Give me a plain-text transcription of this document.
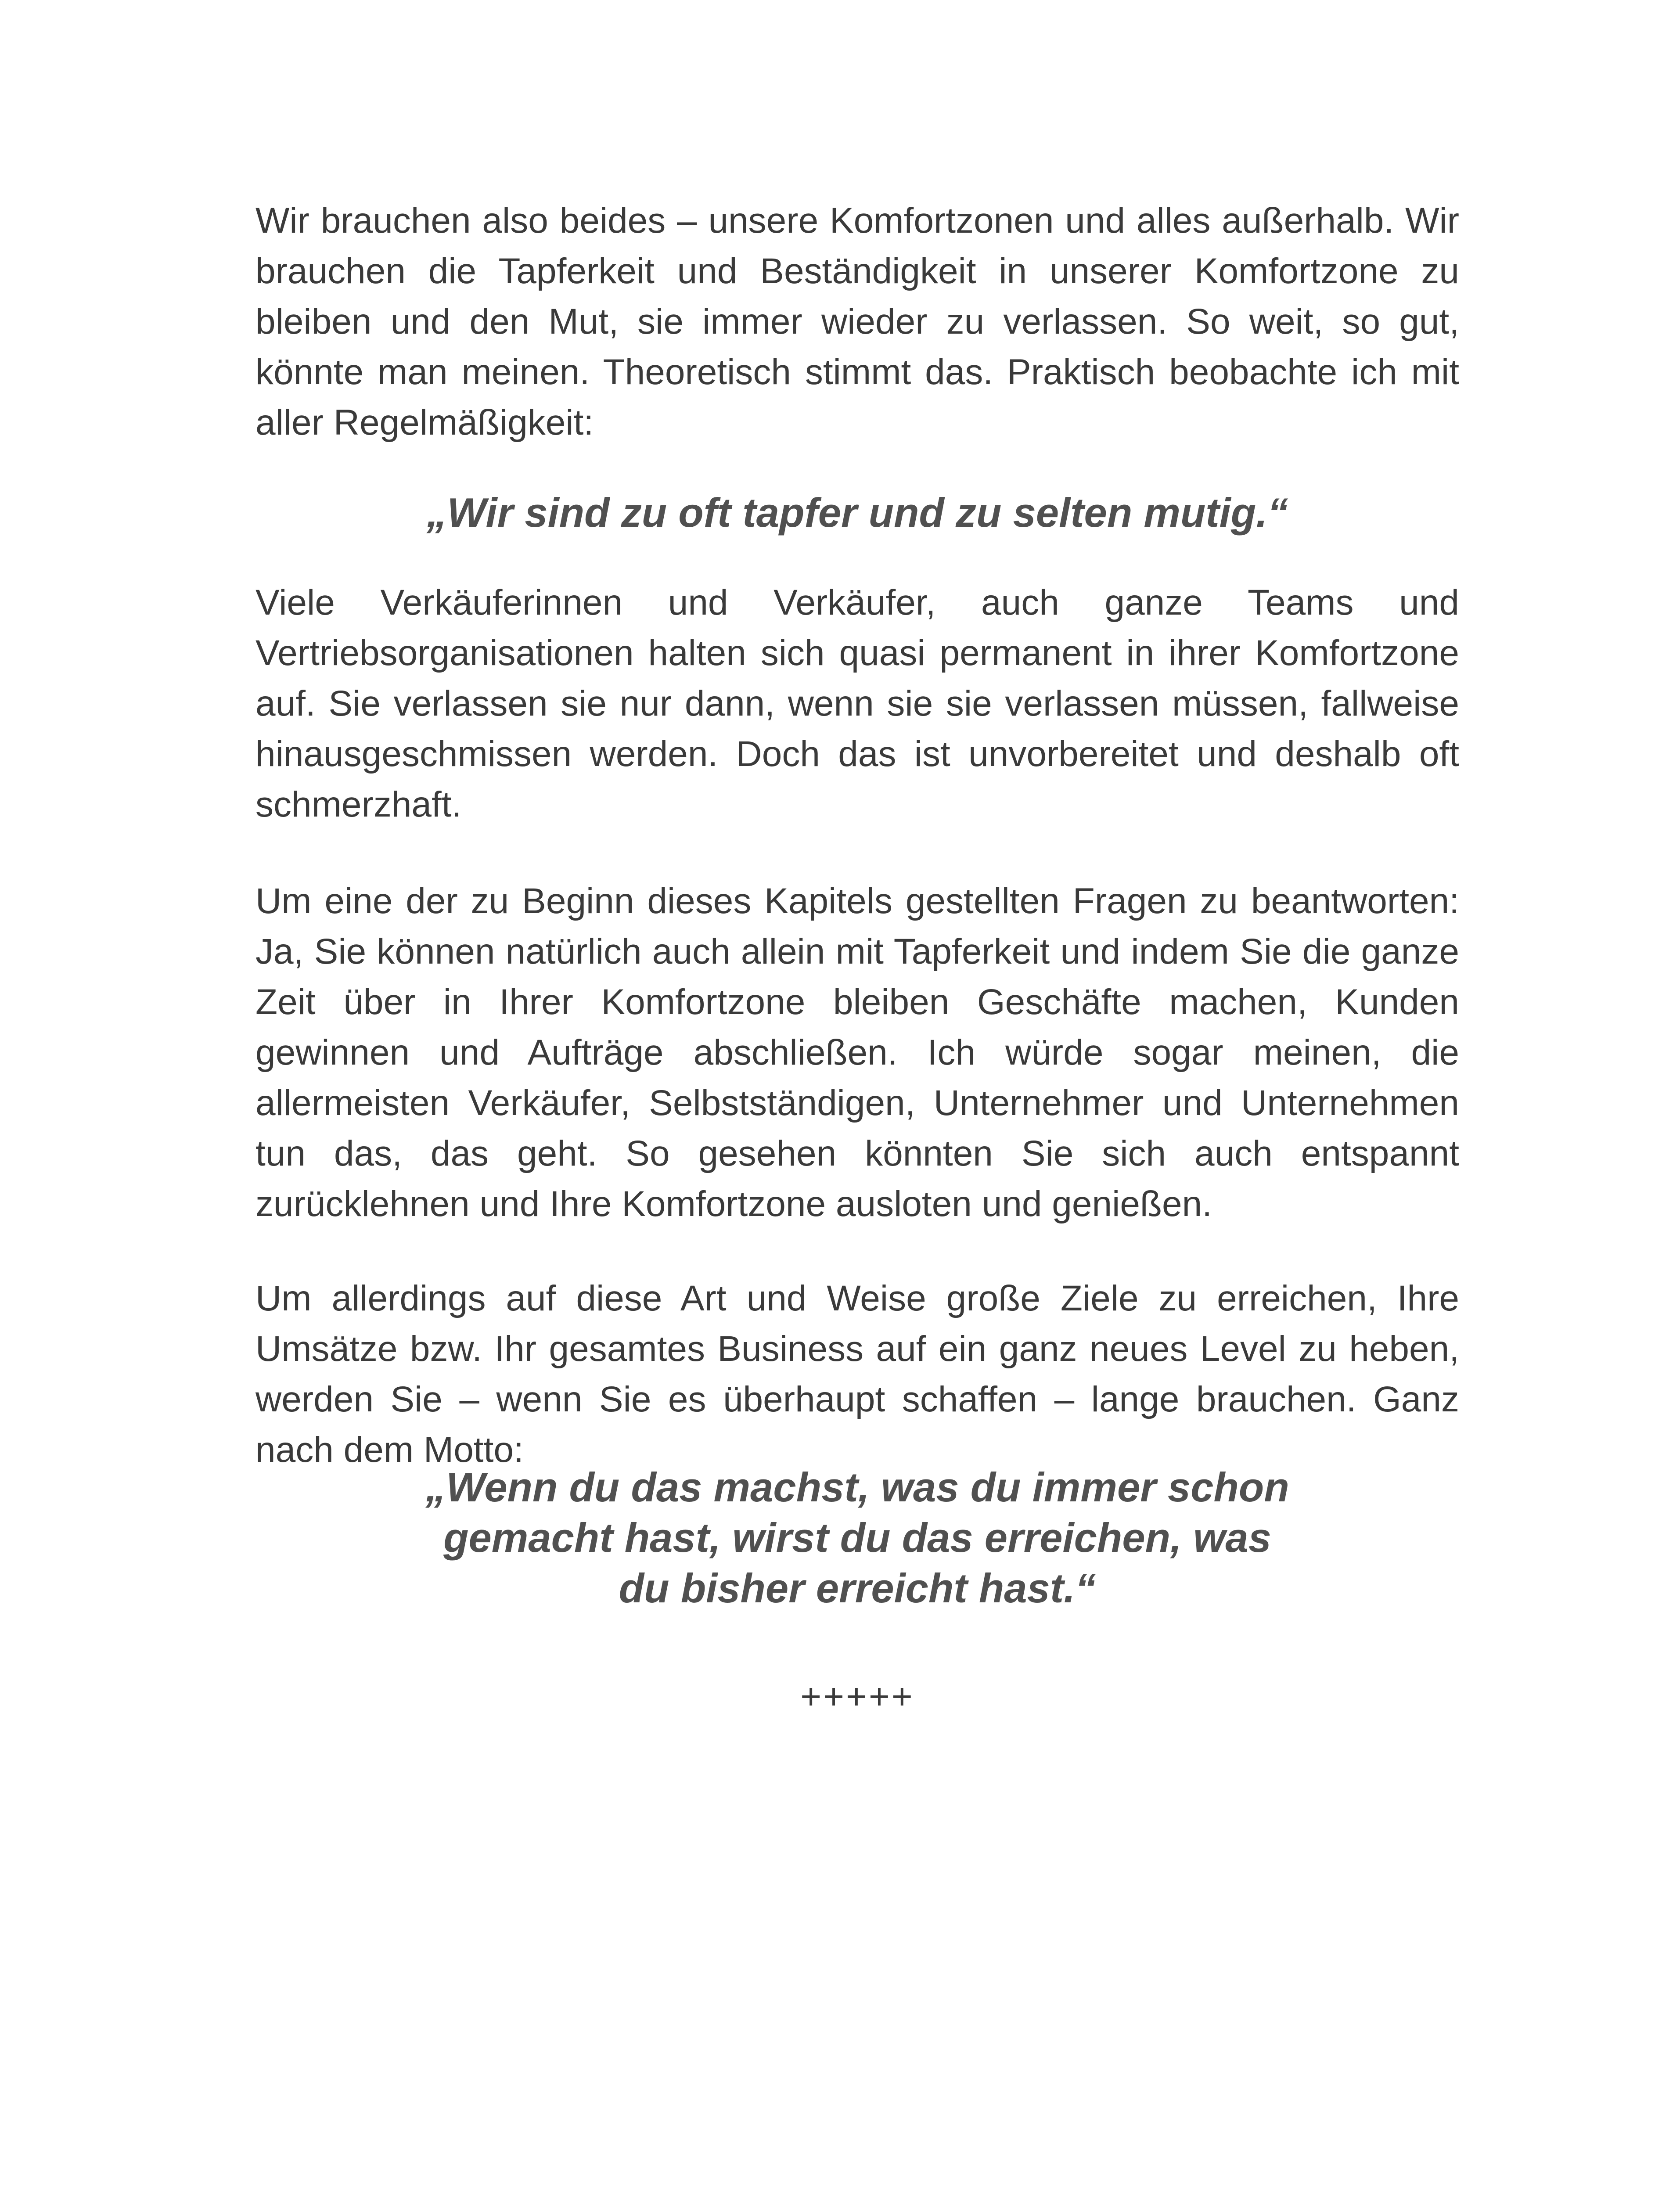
Wir brauchen also beides – unsere Komfortzonen und alles außerhalb. Wir brauchen die Tapferkeit und Beständigkeit in unserer Komfortzone zu bleiben und den Mut, sie immer wieder zu verlassen. So weit, so gut, könnte man meinen. Theoretisch stimmt das. Praktisch beobachte ich mit aller Regelmäßigkeit:

„Wir sind zu oft tapfer und zu selten mutig.“

Viele Verkäuferinnen und Verkäufer, auch ganze Teams und Vertriebsorganisationen halten sich quasi permanent in ihrer Komfortzone auf. Sie verlassen sie nur dann, wenn sie sie verlassen müssen, fallweise hinausgeschmissen werden. Doch das ist unvorbereitet und deshalb oft schmerzhaft.

Um eine der zu Beginn dieses Kapitels gestellten Fragen zu beantworten: Ja, Sie können natürlich auch allein mit Tapferkeit und indem Sie die ganze Zeit über in Ihrer Komfortzone bleiben Geschäfte machen, Kunden gewinnen und Aufträge abschließen. Ich würde sogar meinen, die allermeisten Verkäufer, Selbstständigen, Unternehmer und Unternehmen tun das, das geht. So gesehen könnten Sie sich auch entspannt zurücklehnen und Ihre Komfortzone ausloten und genießen.

Um allerdings auf diese Art und Weise große Ziele zu erreichen, Ihre Umsätze bzw. Ihr gesamtes Business auf ein ganz neues Level zu heben, werden Sie – wenn Sie es überhaupt schaffen – lange brauchen. Ganz nach dem Motto:

„Wenn du das machst, was du immer schon gemacht hast, wirst du das erreichen, was du bisher erreicht hast.“

+++++
